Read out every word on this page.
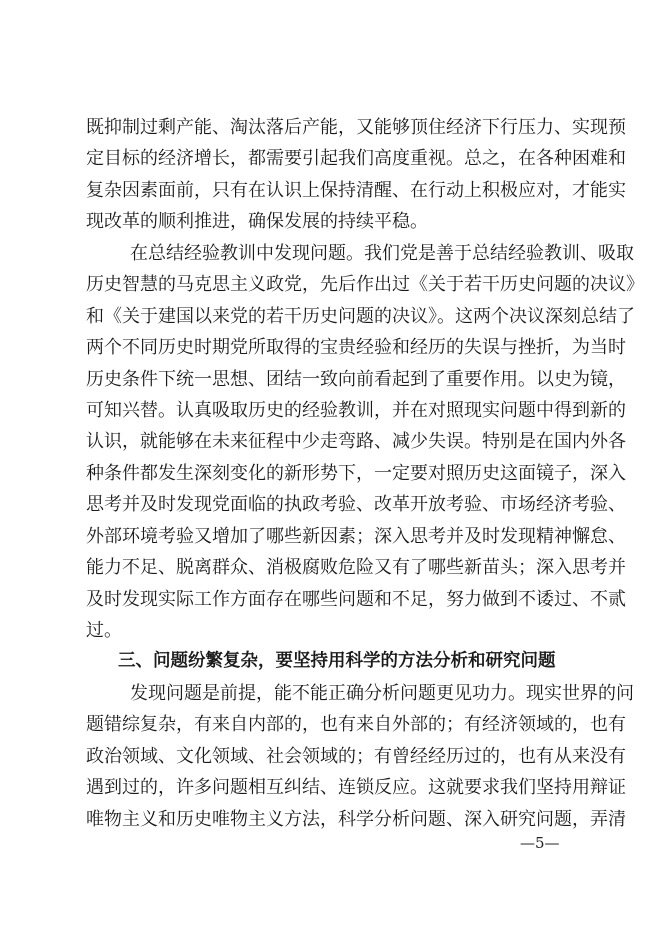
既抑制过剩产能、淘汰落后产能，又能够顶住经济下行压力、实现预
定目标的经济增长，都需要引起我们高度重视。总之，在各种困难和
复杂因素面前，只有在认识上保持清醒、在行动上积极应对，才能实
现改革的顺利推进，确保发展的持续平稳。
在总结经验教训中发现问题。我们党是善于总结经验教训、吸取
历史智慧的马克思主义政党，先后作出过《关于若干历史问题的决议》
和《关于建国以来党的若干历史问题的决议》。这两个决议深刻总结了
两个不同历史时期党所取得的宝贵经验和经历的失误与挫折，为当时
历史条件下统一思想、团结一致向前看起到了重要作用。以史为镜，
可知兴替。认真吸取历史的经验教训，并在对照现实问题中得到新的
认识，就能够在未来征程中少走弯路、减少失误。特别是在国内外各
种条件都发生深刻变化的新形势下，一定要对照历史这面镜子，深入
思考并及时发现党面临的执政考验、改革开放考验、市场经济考验、
外部环境考验又增加了哪些新因素；深入思考并及时发现精神懈怠、
能力不足、脱离群众、消极腐败危险又有了哪些新苗头；深入思考并
及时发现实际工作方面存在哪些问题和不足，努力做到不诿过、不贰
过。
三、问题纷繁复杂，要坚持用科学的方法分析和研究问题
发现问题是前提，能不能正确分析问题更见功力。现实世界的问
题错综复杂，有来自内部的，也有来自外部的；有经济领域的，也有
政治领域、文化领域、社会领域的；有曾经经历过的，也有从来没有
遇到过的，许多问题相互纠结、连锁反应。这就要求我们坚持用辩证
唯物主义和历史唯物主义方法，科学分析问题、深入研究问题，弄清
—5—
